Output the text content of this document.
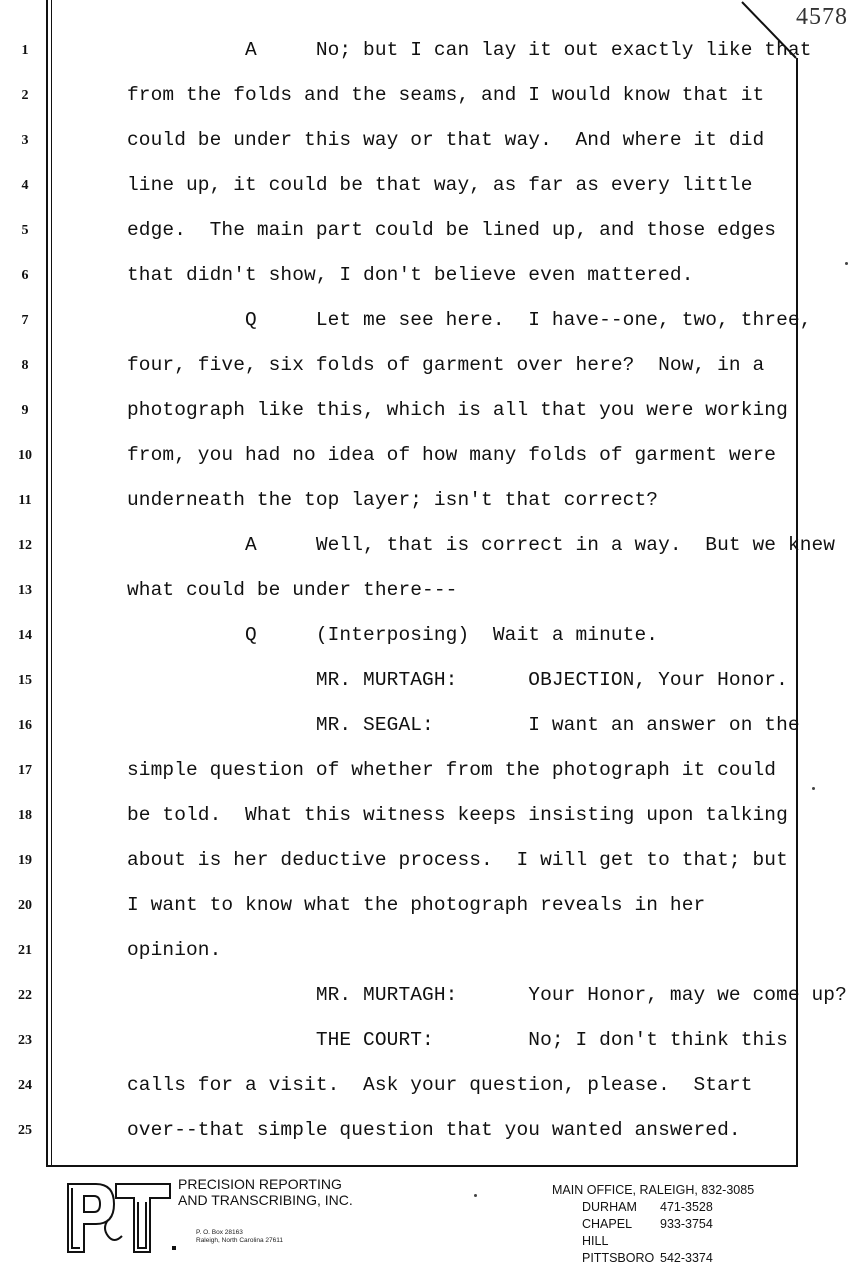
4578
1	A     No; but I can lay it out exactly like that
2	from the folds and the seams, and I would know that it
3	could be under this way or that way.  And where it did
4	line up, it could be that way, as far as every little
5	edge.  The main part could be lined up, and those edges
6	that didn't show, I don't believe even mattered.
7	Q     Let me see here.  I have--one, two, three,
8	four, five, six folds of garment over here?  Now, in a
9	photograph like this, which is all that you were working
10	from, you had no idea of how many folds of garment were
11	underneath the top layer; isn't that correct?
12	A     Well, that is correct in a way.  But we knew
13	what could be under there---
14	Q     (Interposing)  Wait a minute.
15	MR. MURTAGH:      OBJECTION, Your Honor.
16	MR. SEGAL:        I want an answer on the
17	simple question of whether from the photograph it could
18	be told.  What this witness keeps insisting upon talking
19	about is her deductive process.  I will get to that; but
20	I want to know what the photograph reveals in her
21	opinion.
22	MR. MURTAGH:      Your Honor, may we come up?
23	THE COURT:        No; I don't think this
24	calls for a visit.  Ask your question, please.  Start
25	over--that simple question that you wanted answered.
PRECISION REPORTING
AND TRANSCRIBING, INC.
P. O. Box 28163
Raleigh, North Carolina 27611
MAIN OFFICE, RALEIGH, 832-3085
DURHAM	471-3528
CHAPEL HILL
933-3754
PITTSBORO 542-3374
